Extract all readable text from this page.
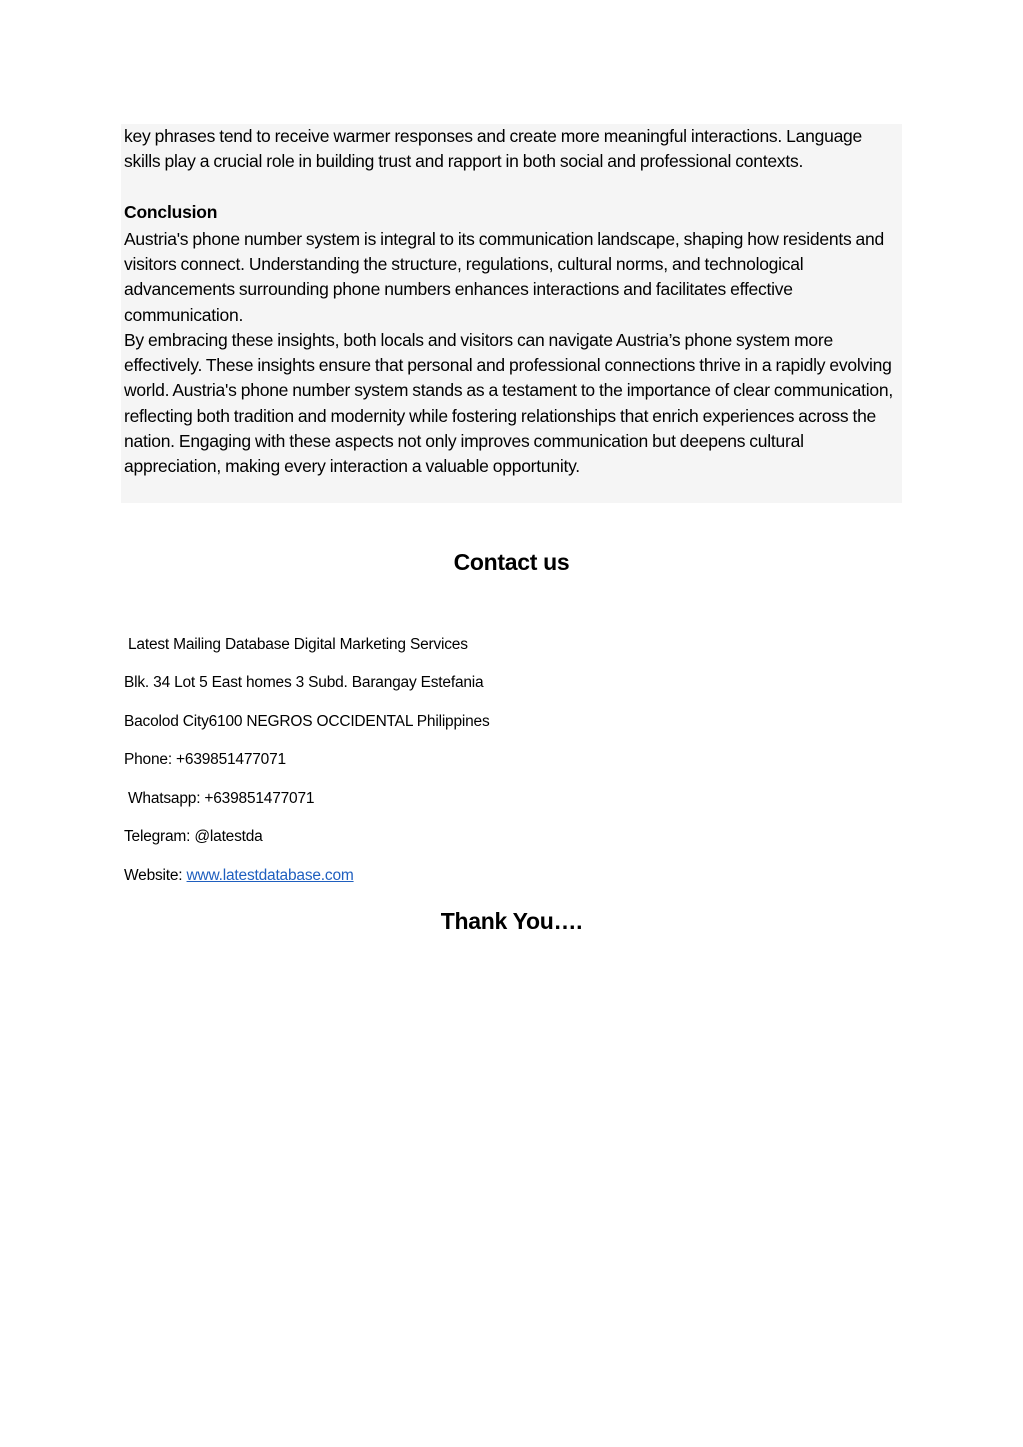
key phrases tend to receive warmer responses and create more meaningful interactions. Language skills play a crucial role in building trust and rapport in both social and professional contexts.

Conclusion

Austria's phone number system is integral to its communication landscape, shaping how residents and visitors connect. Understanding the structure, regulations, cultural norms, and technological advancements surrounding phone numbers enhances interactions and facilitates effective communication.

By embracing these insights, both locals and visitors can navigate Austria’s phone system more effectively. These insights ensure that personal and professional connections thrive in a rapidly evolving world. Austria's phone number system stands as a testament to the importance of clear communication, reflecting both tradition and modernity while fostering relationships that enrich experiences across the nation. Engaging with these aspects not only improves communication but deepens cultural appreciation, making every interaction a valuable opportunity.

Contact us

Latest Mailing Database Digital Marketing Services

Blk. 34 Lot 5 East homes 3 Subd. Barangay Estefania

Bacolod City6100 NEGROS OCCIDENTAL Philippines

Phone: +639851477071

Whatsapp: +639851477071

Telegram: @latestda

Website: www.latestdatabase.com

Thank You….
